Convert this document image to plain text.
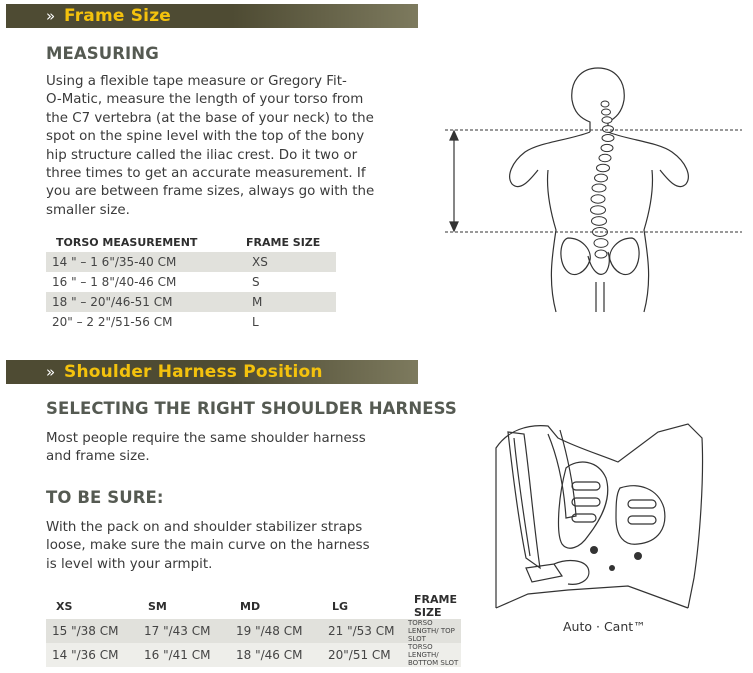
» Frame Size
MEASURING
Using a flexible tape measure or Gregory Fit-
O-Matic, measure the length of your torso from
the C7 vertebra (at the base of your neck) to the
spot on the spine level with the top of the bony
hip structure called the iliac crest. Do it two or
three times to get an accurate measurement. If
you are between frame sizes, always go with the
smaller size.
TORSO MEASUREMENT	FRAME SIZE
14 " – 1 6"/35-40 CM	XS
16 " – 1 8"/40-46 CM	S
18 " – 20"/46-51 CM	M
20" – 2 2"/51-56 CM	L
» Shoulder Harness Position
SELECTING THE RIGHT SHOULDER HARNESS
Most people require the same shoulder harness
and frame size.
TO BE SURE:
With the pack on and shoulder stabilizer straps
loose, make sure the main curve on the harness
is level with your armpit.
XS	SM	MD	LG	FRAME SIZE
15 "/38 CM	17 "/43 CM	19 "/48 CM	21 "/53 CM	TORSO LENGTH/ TOP SLOT
14 "/36 CM	16 "/41 CM	18 "/46 CM	20"/51 CM	TORSO LENGTH/ BOTTOM SLOT
Auto · Cant™
